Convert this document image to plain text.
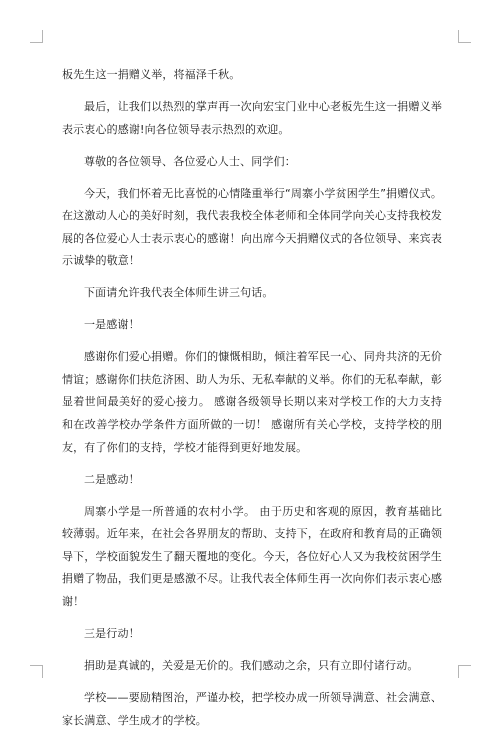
板先生这一捐赠义举，将福泽千秋。

最后，让我们以热烈的掌声再一次向宏宝门业中心老板先生这一捐赠义举表示衷心的感谢!向各位领导表示热烈的欢迎。

尊敬的各位领导、各位爱心人士、同学们：

今天，我们怀着无比喜悦的心情隆重举行“周寨小学贫困学生”捐赠仪式。在这激动人心的美好时刻，我代表我校全体老师和全体同学向关心支持我校发展的各位爱心人士表示衷心的感谢！向出席今天捐赠仪式的各位领导、来宾表示诚挚的敬意！

下面请允许我代表全体师生讲三句话。

一是感谢！

感谢你们爱心捐赠。你们的慷慨相助，倾注着军民一心、同舟共济的无价情谊；感谢你们扶危济困、助人为乐、无私奉献的义举。你们的无私奉献，彰显着世间最美好的爱心接力。 感谢各级领导长期以来对学校工作的大力支持和在改善学校办学条件方面所做的一切！ 感谢所有关心学校，支持学校的朋友，有了你们的支持，学校才能得到更好地发展。

二是感动！

周寨小学是一所普通的农村小学。 由于历史和客观的原因，教育基础比较薄弱。近年来，在社会各界朋友的帮助、支持下，在政府和教育局的正确领导下，学校面貌发生了翻天覆地的变化。今天，各位好心人又为我校贫困学生捐赠了物品，我们更是感激不尽。让我代表全体师生再一次向你们表示衷心感谢！

三是行动！

捐助是真诚的，关爱是无价的。我们感动之余，只有立即付诸行动。

学校——要励精图治，严谨办校，把学校办成一所领导满意、社会满意、家长满意、学生成才的学校。
